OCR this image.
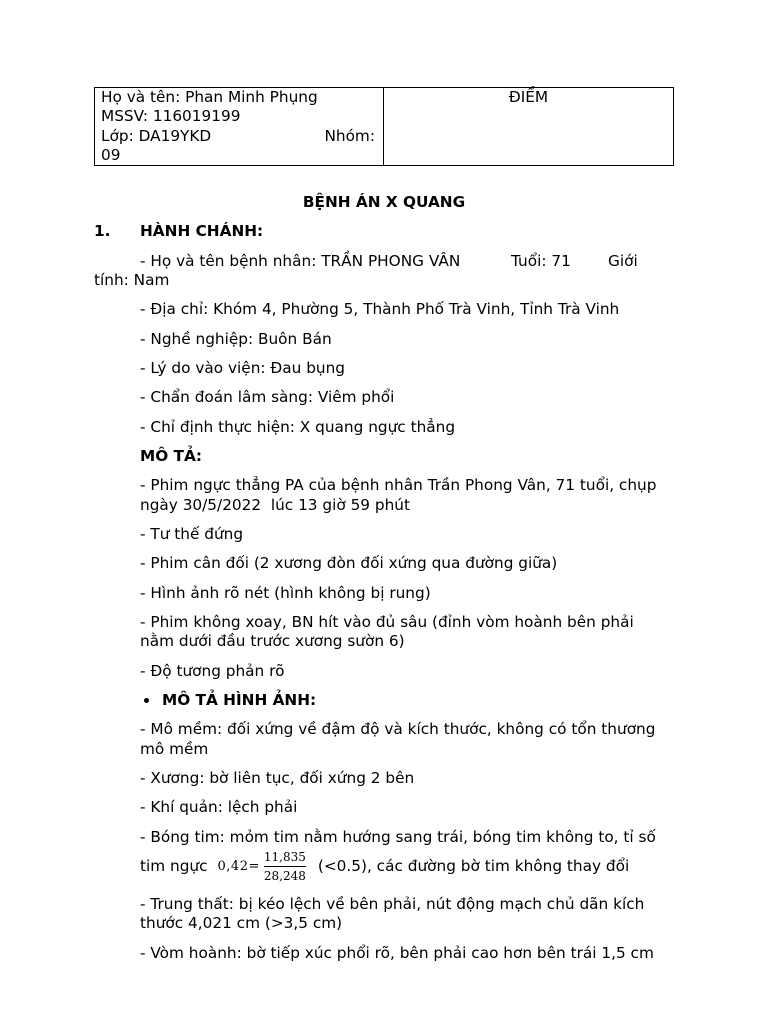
Họ và tên: Phan Minh Phụng
MSSV: 116019199
Lớp: DA19YKD	Nhóm:
09
ĐIỂM
BỆNH ÁN X QUANG
1.	HÀNH CHÁNH:
- Họ và tên bệnh nhân: TRẦN PHONG VÂN	Tuổi: 71 Giới
tính: Nam
- Địa chỉ: Khóm 4, Phường 5, Thành Phố Trà Vinh, Tỉnh Trà Vinh
- Nghề nghiệp: Buôn Bán
- Lý do vào viện: Đau bụng
- Chẩn đoán lâm sàng: Viêm phổi
- Chỉ định thực hiện: X quang ngực thẳng
MÔ TẢ:
- Phim ngực thẳng PA của bệnh nhân Trần Phong Vân, 71 tuổi, chụp
ngày 30/5/2022  lúc 13 giờ 59 phút
- Tư thế đứng
- Phim cân đối (2 xương đòn đối xứng qua đường giữa)
- Hình ảnh rõ nét (hình không bị rung)
- Phim không xoay, BN hít vào đủ sâu (đỉnh vòm hoành bên phải
nằm dưới đầu trước xương sườn 6)
- Độ tương phản rõ
MÔ TẢ HÌNH ẢNH:
- Mô mềm: đối xứng về đậm độ và kích thước, không có tổn thương
mô mềm
- Xương: bờ liên tục, đối xứng 2 bên
- Khí quản: lệch phải
- Bóng tim: mỏm tim nằm hướng sang trái, bóng tim không to, tỉ số
tim ngực $0,42= \frac{11,835}{28,248} (<0.5)$, các đường bờ tim không thay đổi
- Trung thất: bị kéo lệch về bên phải, nút động mạch chủ dãn kích
thước 4,021 cm (>3,5 cm)
- Vòm hoành: bờ tiếp xúc phổi rõ, bên phải cao hơn bên trái 1,5 cm
